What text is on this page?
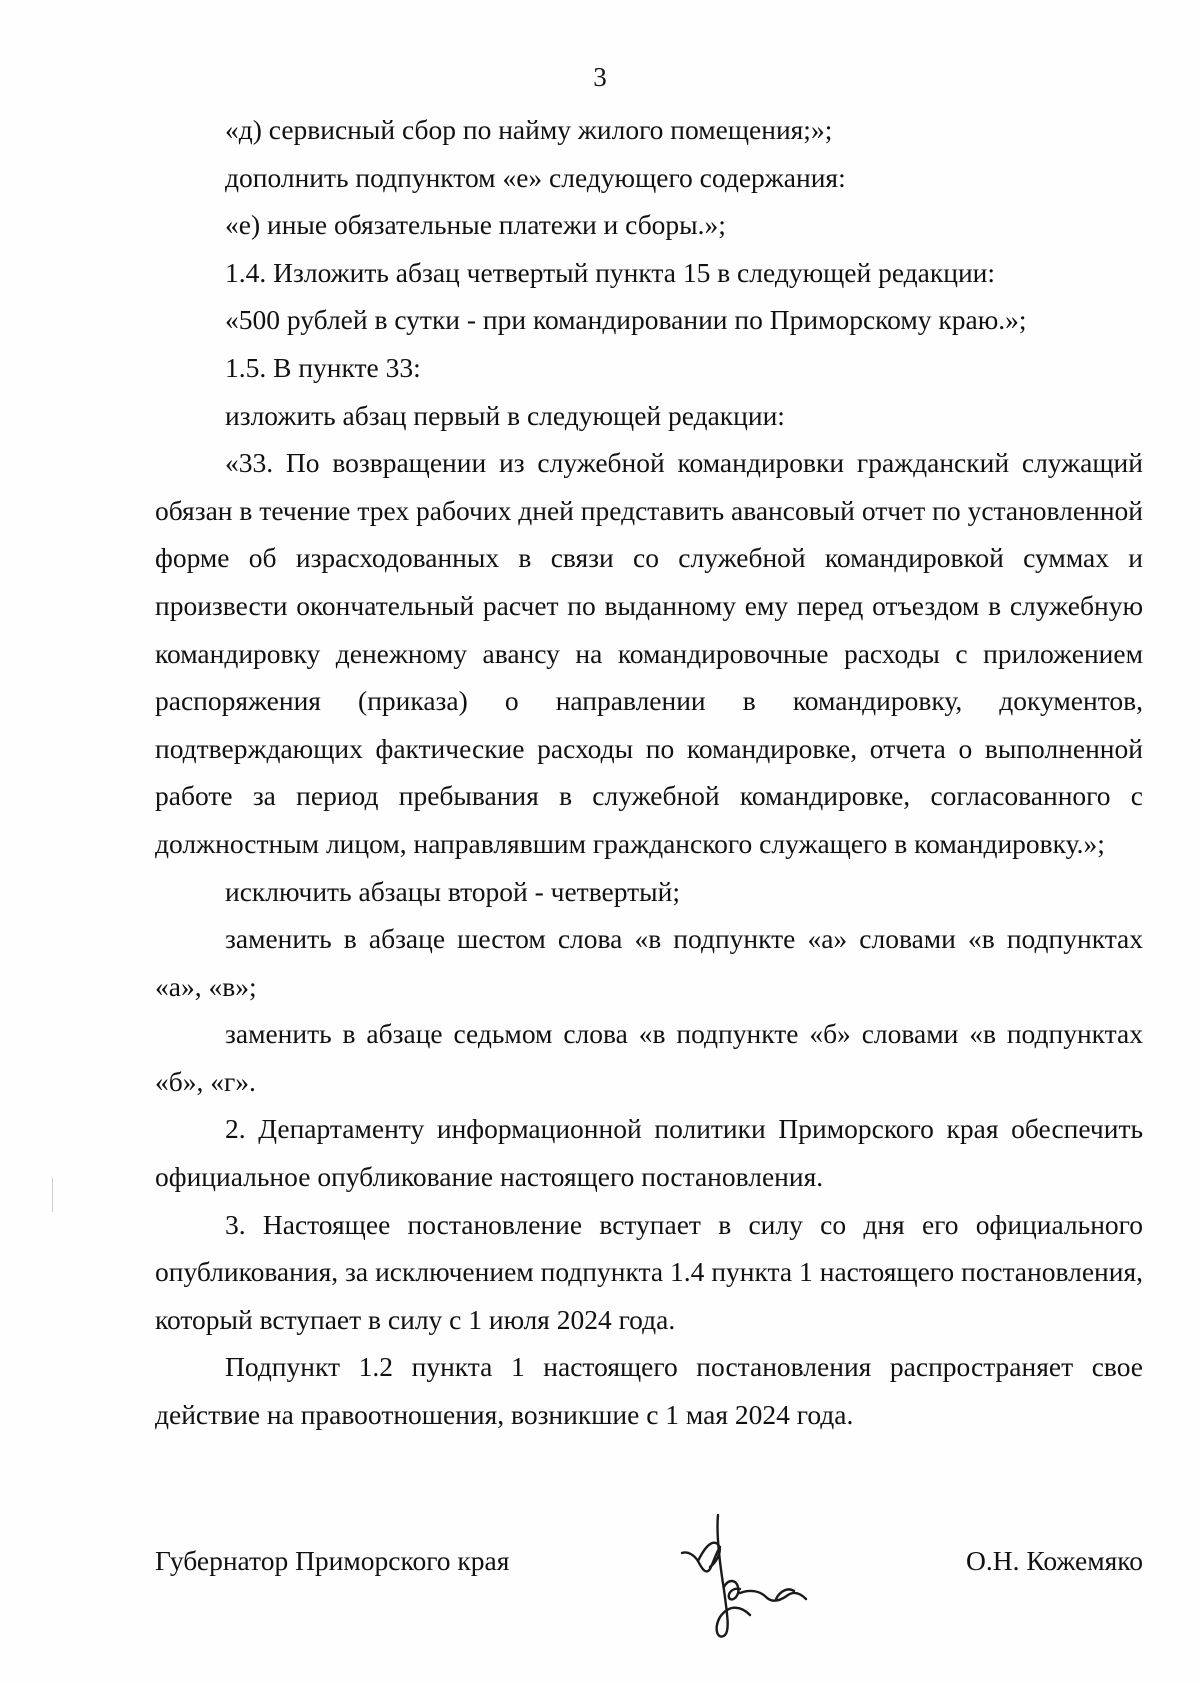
3

«д) сервисный сбор по найму жилого помещения;»;

дополнить подпунктом «е» следующего содержания:

«е) иные обязательные платежи и сборы.»;

1.4. Изложить абзац четвертый пункта 15 в следующей редакции:

«500 рублей в сутки - при командировании по Приморскому краю.»;

1.5. В пункте 33:

изложить абзац первый в следующей редакции:

«33. По возвращении из служебной командировки гражданский служащий обязан в течение трех рабочих дней представить авансовый отчет по установленной форме об израсходованных в связи со служебной командировкой суммах и произвести окончательный расчет по выданному ему перед отъездом в служебную командировку денежному авансу на командировочные расходы с приложением распоряжения (приказа) о направлении в командировку, документов, подтверждающих фактические расходы по командировке, отчета о выполненной работе за период пребывания в служебной командировке, согласованного с должностным лицом, направлявшим гражданского служащего в командировку.»;

исключить абзацы второй - четвертый;

заменить в абзаце шестом слова «в подпункте «а» словами «в подпунктах «а», «в»;

заменить в абзаце седьмом слова «в подпункте «б» словами «в подпунктах «б», «г».

2. Департаменту информационной политики Приморского края обеспечить официальное опубликование настоящего постановления.

3. Настоящее постановление вступает в силу со дня его официального опубликования, за исключением подпункта 1.4 пункта 1 настоящего постановления, который вступает в силу с 1 июля 2024 года.

Подпункт 1.2 пункта 1 настоящего постановления распространяет свое действие на правоотношения, возникшие с 1 мая 2024 года.

Губернатор Приморского края	О.Н. Кожемяко
